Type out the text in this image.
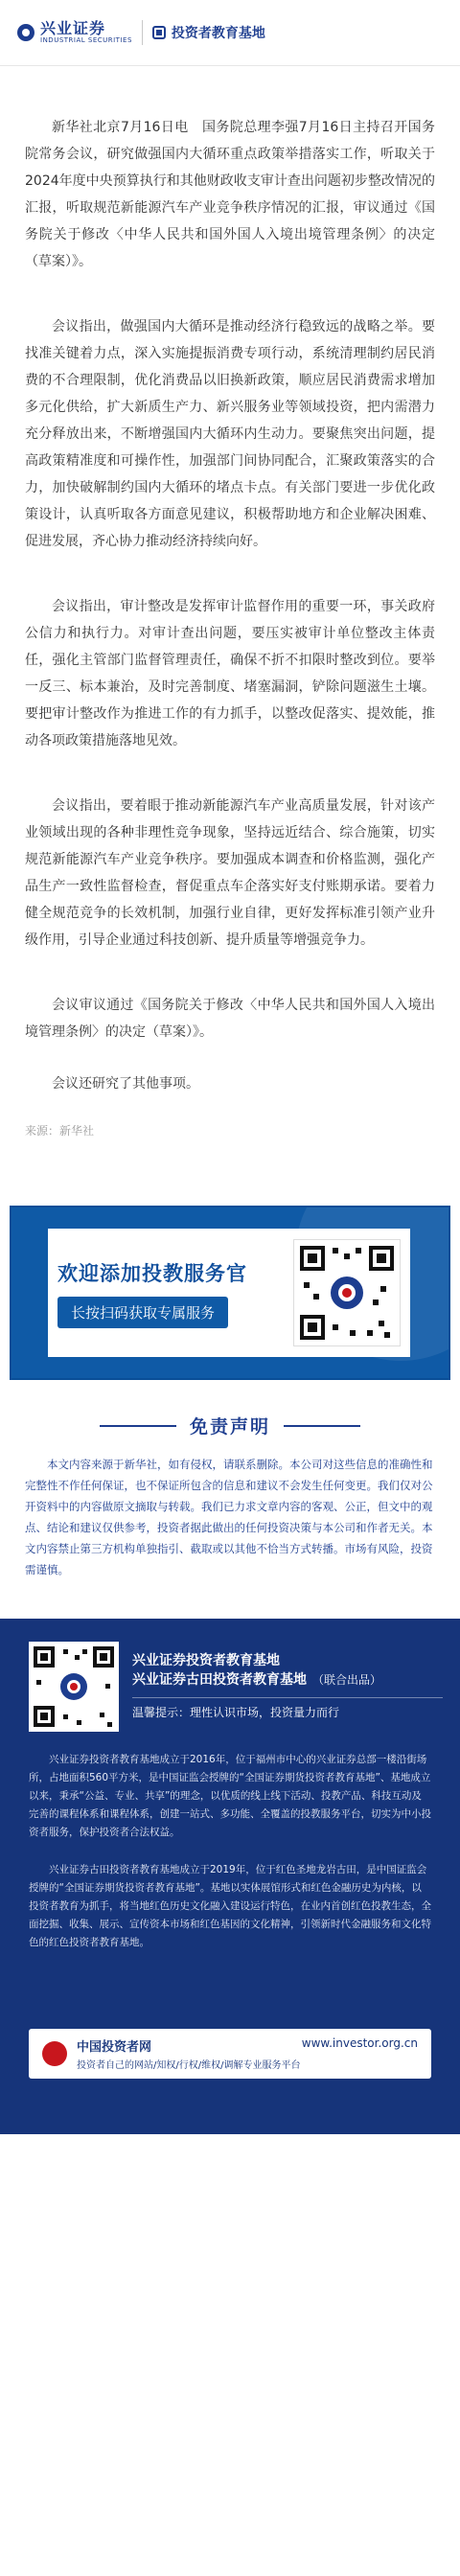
兴业证券
INDUSTRIAL SECURITIES	投资者教育基地

新华社北京7月16日电　国务院总理李强7月16日主持召开国务院常务会议，研究做强国内大循环重点政策举措落实工作，听取关于2024年度中央预算执行和其他财政收支审计查出问题初步整改情况的汇报，听取规范新能源汽车产业竞争秩序情况的汇报，审议通过《国务院关于修改〈中华人民共和国外国人入境出境管理条例〉的决定（草案）》。

会议指出，做强国内大循环是推动经济行稳致远的战略之举。要找准关键着力点，深入实施提振消费专项行动，系统清理制约居民消费的不合理限制，优化消费品以旧换新政策，顺应居民消费需求增加多元化供给，扩大新质生产力、新兴服务业等领域投资，把内需潜力充分释放出来，不断增强国内大循环内生动力。要聚焦突出问题，提高政策精准度和可操作性，加强部门间协同配合，汇聚政策落实的合力，加快破解制约国内大循环的堵点卡点。有关部门要进一步优化政策设计，认真听取各方面意见建议，积极帮助地方和企业解决困难、促进发展，齐心协力推动经济持续向好。

会议指出，审计整改是发挥审计监督作用的重要一环，事关政府公信力和执行力。对审计查出问题，要压实被审计单位整改主体责任，强化主管部门监督管理责任，确保不折不扣限时整改到位。要举一反三、标本兼治，及时完善制度、堵塞漏洞，铲除问题滋生土壤。要把审计整改作为推进工作的有力抓手，以整改促落实、提效能，推动各项政策措施落地见效。

会议指出，要着眼于推动新能源汽车产业高质量发展，针对该产业领域出现的各种非理性竞争现象，坚持远近结合、综合施策，切实规范新能源汽车产业竞争秩序。要加强成本调查和价格监测，强化产品生产一致性监督检查，督促重点车企落实好支付账期承诺。要着力健全规范竞争的长效机制，加强行业自律，更好发挥标准引领产业升级作用，引导企业通过科技创新、提升质量等增强竞争力。

会议审议通过《国务院关于修改〈中华人民共和国外国人入境出境管理条例〉的决定（草案）》。

会议还研究了其他事项。

来源：新华社

欢迎添加投教服务官
长按扫码获取专属服务
免责声明

本文内容来源于新华社，如有侵权，请联系删除。本公司对这些信息的准确性和完整性不作任何保证，也不保证所包含的信息和建议不会发生任何变更。我们仅对公开资料中的内容做原文摘取与转载。我们已力求文章内容的客观、公正，但文中的观点、结论和建议仅供参考，投资者据此做出的任何投资决策与本公司和作者无关。本文内容禁止第三方机构单独指引、截取或以其他不恰当方式转播。市场有风险，投资需谨慎。

兴业证券投资者教育基地
兴业证券古田投资者教育基地 （联合出品）
温馨提示：理性认识市场，投资量力而行

兴业证券投资者教育基地成立于2016年，位于福州市中心的兴业证券总部一楼沿街场所，占地面积560平方米，是中国证监会授牌的“全国证券期货投资者教育基地”、基地成立以来，秉承“公益、专业、共享”的理念，以优质的线上线下活动、投教产品、科技互动及完善的课程体系和课程体系，创建一站式、多功能、全覆盖的投教服务平台，切实为中小投资者服务，保护投资者合法权益。

兴业证券古田投资者教育基地成立于2019年，位于红色圣地龙岩古田，是中国证监会授牌的“全国证券期货投资者教育基地”。基地以实体展馆形式和红色金融历史为内核，以投资者教育为抓手，将当地红色历史文化融入建设运行特色，在业内首创红色投教生态，全面挖掘、收集、展示、宣传资本市场和红色基因的文化精神，引领新时代金融服务和文化特色的红色投资者教育基地。

中国投资者网	www.investor.org.cn
投资者自己的网站/知权/行权/维权/调解专业服务平台
